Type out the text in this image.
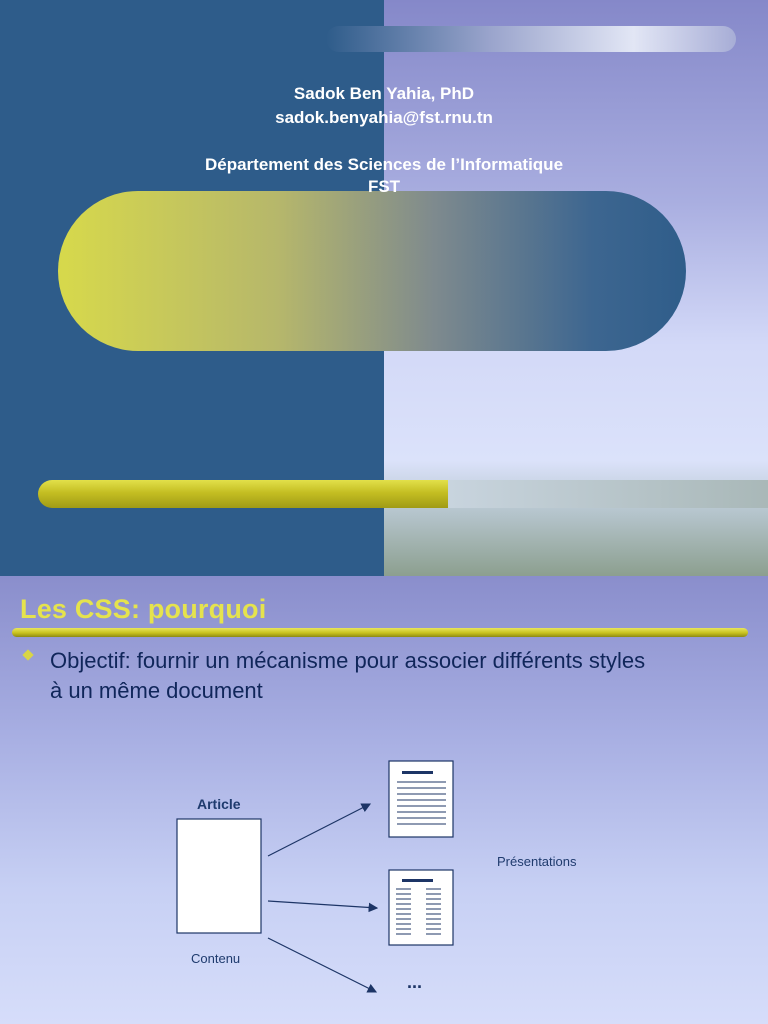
Sadok Ben Yahia, PhD
sadok.benyahia@fst.rnu.tn
Département des Sciences de l’Informatique
FST
Les CSS: pourquoi
Objectif: fournir un mécanisme pour associer différents styles
à un même document
Article
Contenu
Présentations
...
